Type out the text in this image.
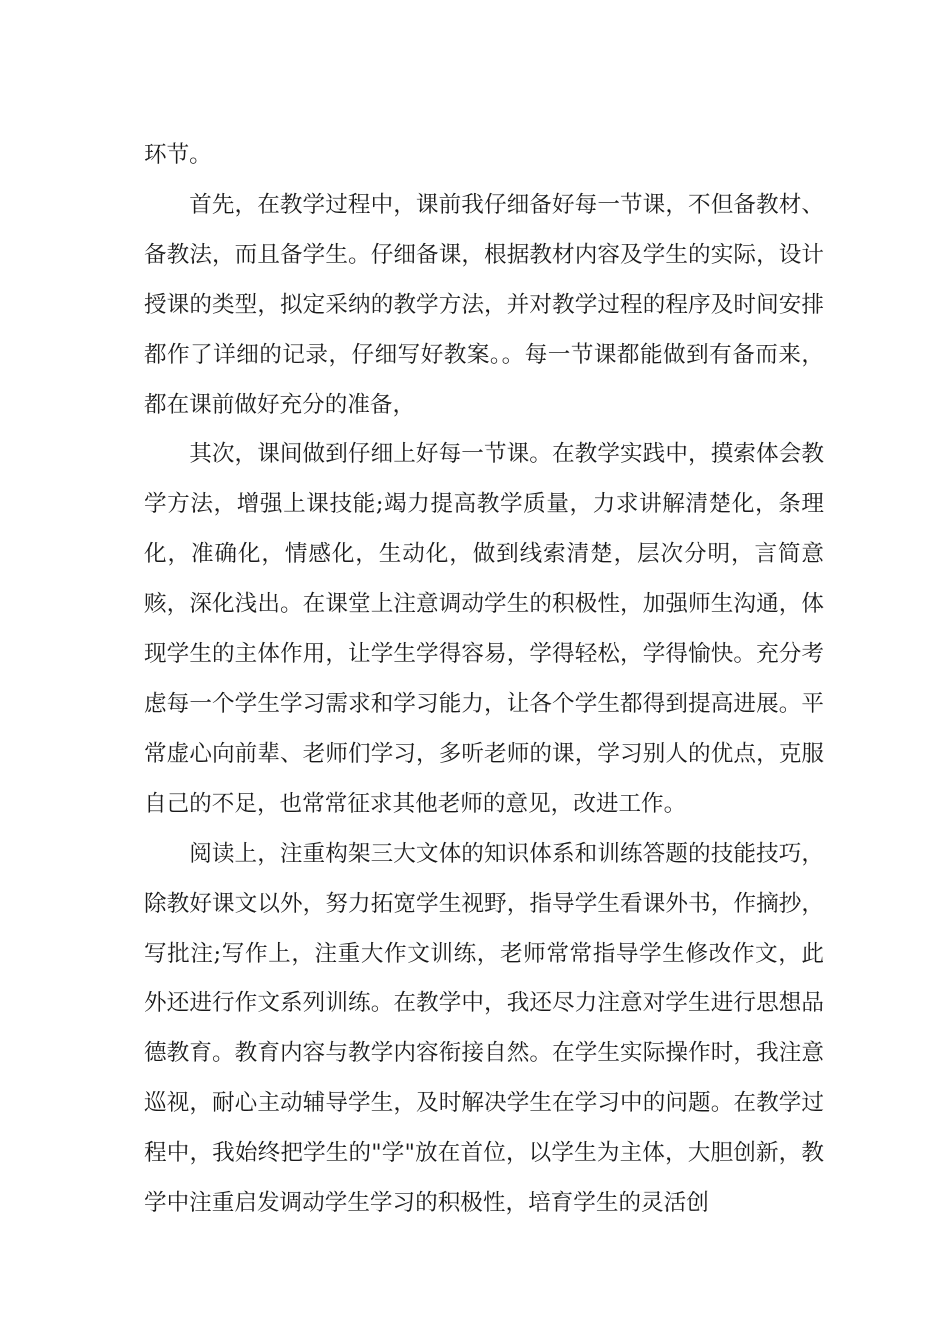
环节。

首先，在教学过程中，课前我仔细备好每一节课，不但备教材、备教法，而且备学生。仔细备课，根据教材内容及学生的实际，设计授课的类型，拟定采纳的教学方法，并对教学过程的程序及时间安排都作了详细的记录，仔细写好教案。。每一节课都能做到有备而来，都在课前做好充分的准备，

其次，课间做到仔细上好每一节课。在教学实践中，摸索体会教学方法，增强上课技能;竭力提高教学质量，力求讲解清楚化，条理化，准确化，情感化，生动化，做到线索清楚，层次分明，言简意赅，深化浅出。在课堂上注意调动学生的积极性，加强师生沟通，体现学生的主体作用，让学生学得容易，学得轻松，学得愉快。充分考虑每一个学生学习需求和学习能力，让各个学生都得到提高进展。平常虚心向前辈、老师们学习，多听老师的课，学习别人的优点，克服自己的不足，也常常征求其他老师的意见，改进工作。

阅读上，注重构架三大文体的知识体系和训练答题的技能技巧，除教好课文以外，努力拓宽学生视野，指导学生看课外书，作摘抄，写批注;写作上，注重大作文训练，老师常常指导学生修改作文，此外还进行作文系列训练。在教学中，我还尽力注意对学生进行思想品德教育。教育内容与教学内容衔接自然。在学生实际操作时，我注意巡视，耐心主动辅导学生，及时解决学生在学习中的问题。在教学过程中，我始终把学生的"学"放在首位，以学生为主体，大胆创新，教学中注重启发调动学生学习的积极性，培育学生的灵活创
